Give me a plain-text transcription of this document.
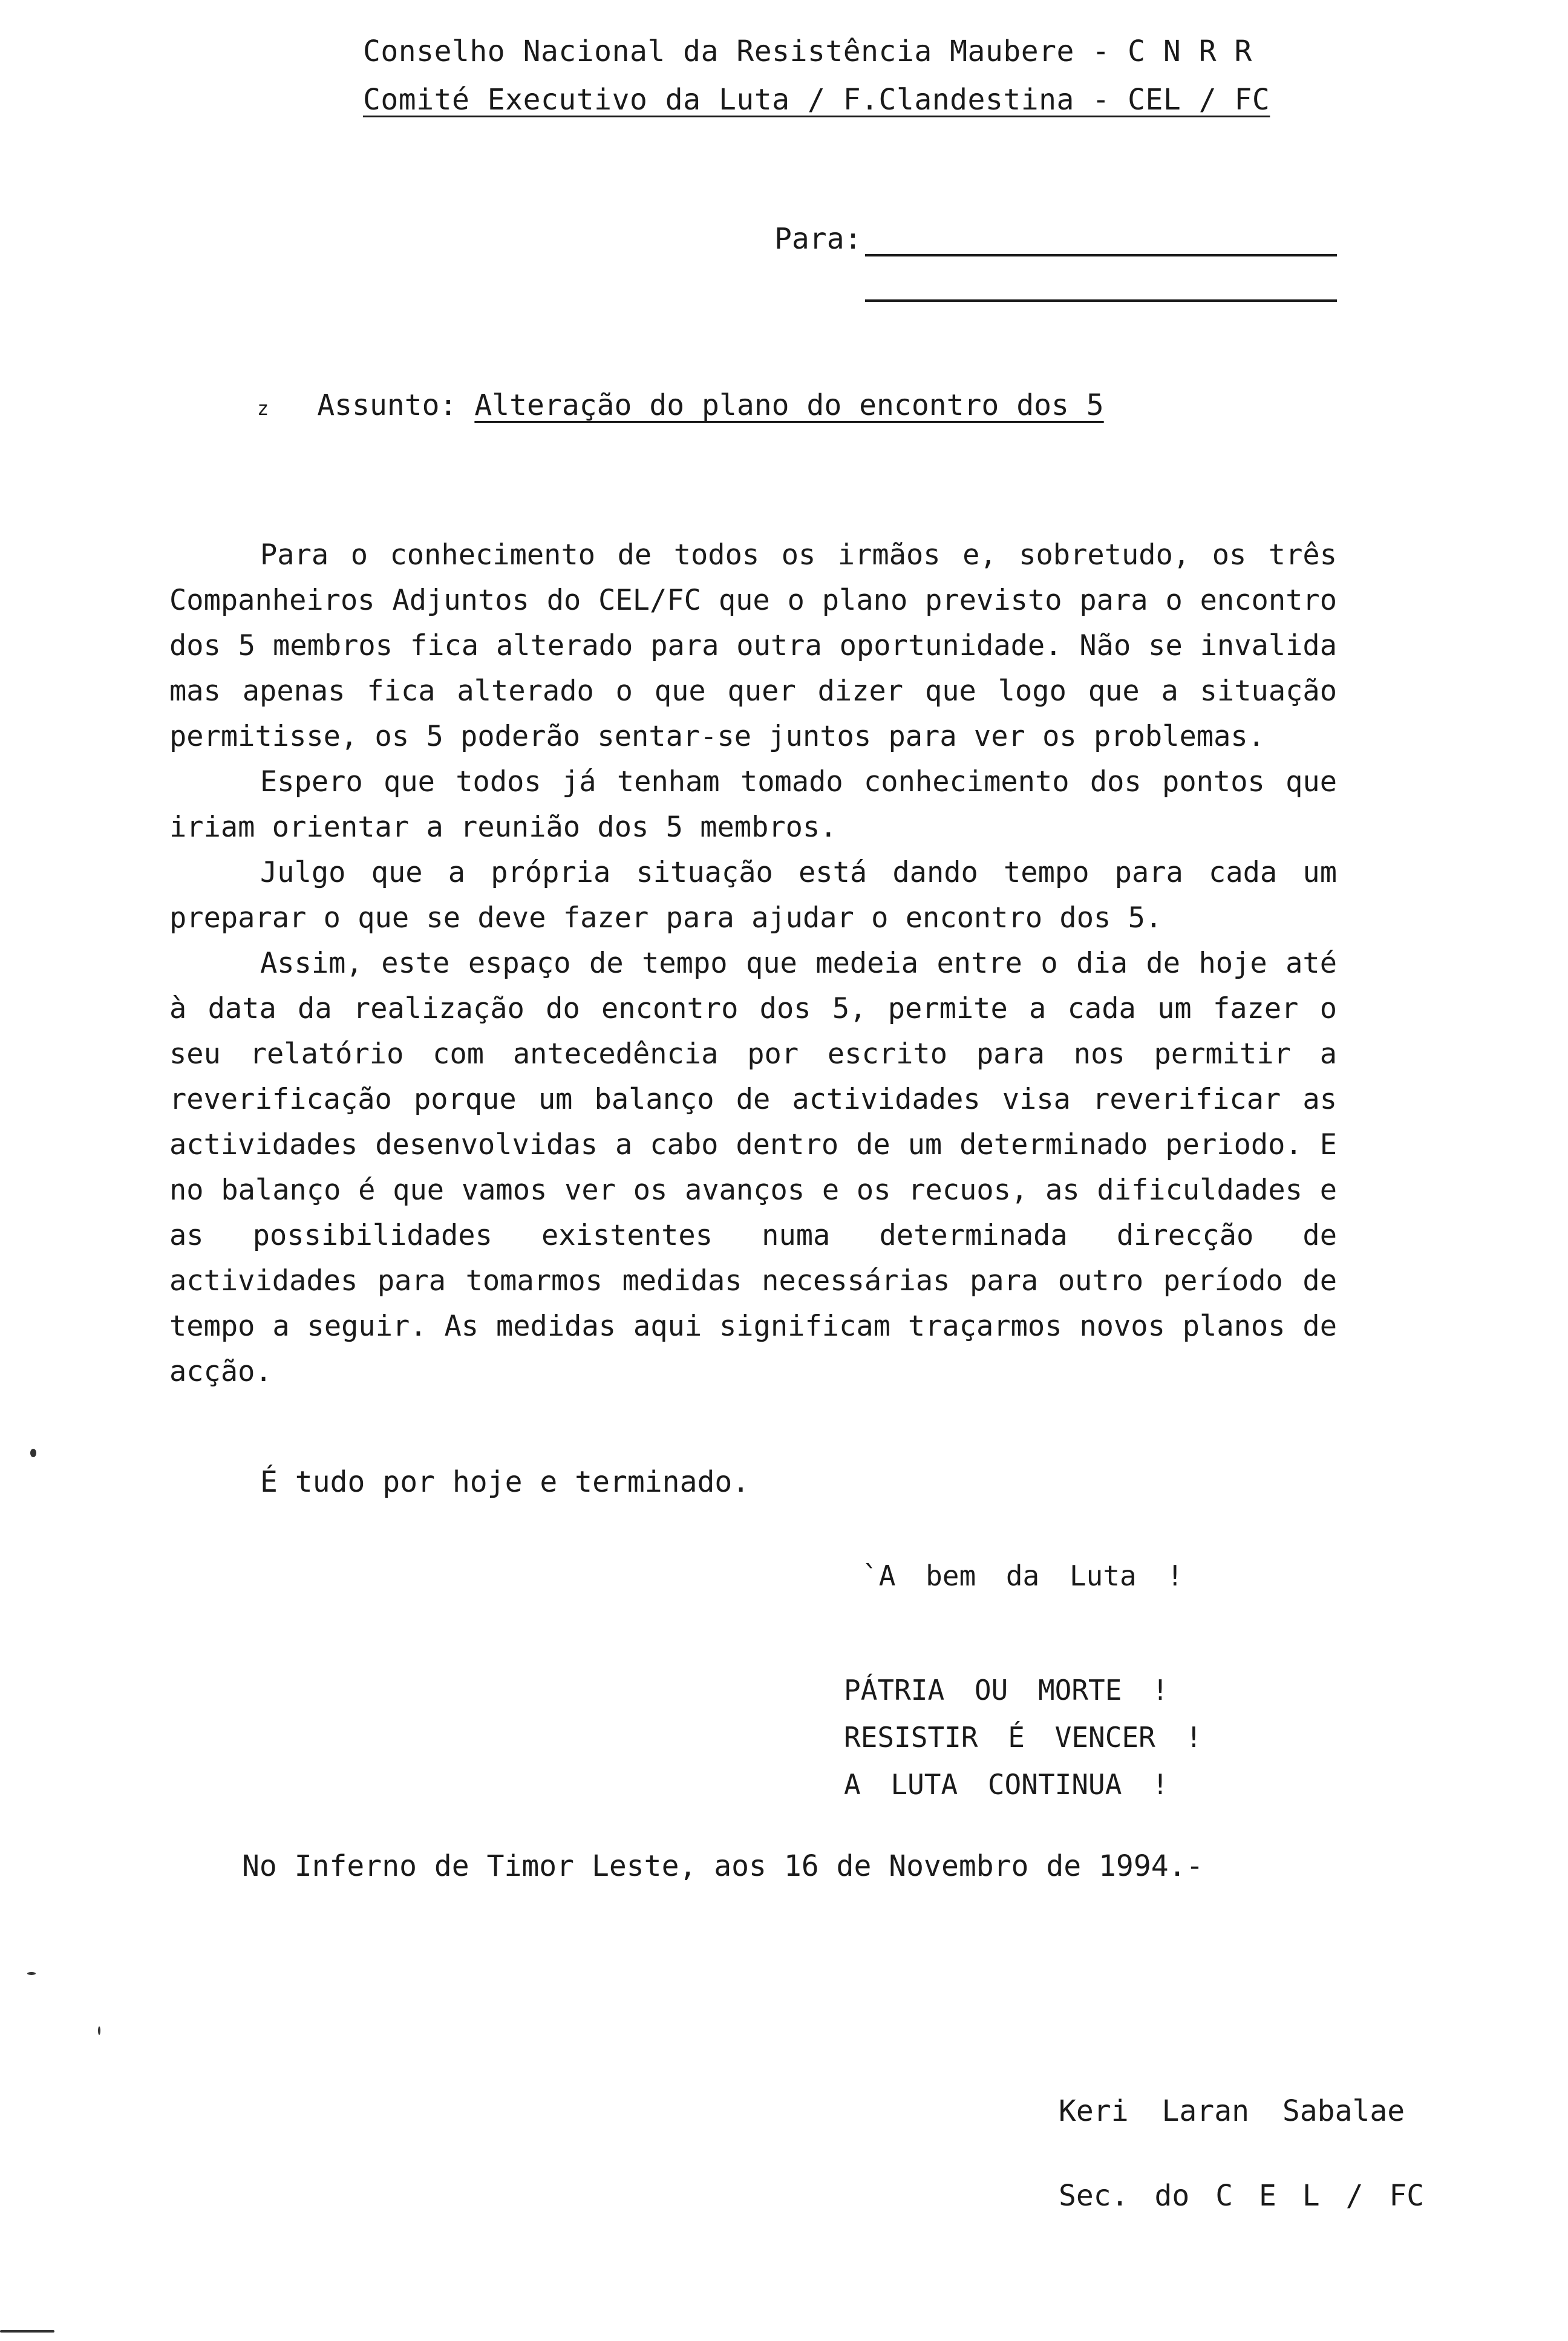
Conselho Nacional da Resistência Maubere - C N R R
Comité Executivo da Luta / F.Clandestina - CEL / FC
Para:
z Assunto: Alteração do plano do encontro dos 5

Para o conhecimento de todos os irmãos e, sobretudo, os três Companheiros Adjuntos do CEL/FC que o plano previsto para o encontro dos 5 membros fica alterado para outra oportunidade. Não se invalida mas apenas fica alterado o que quer dizer que logo que a situação permitisse, os 5 poderão sentar-se juntos para ver os problemas.

Espero que todos já tenham tomado conhecimento dos pontos que iriam orientar a reunião dos 5 membros.

Julgo que a própria situação está dando tempo para cada um preparar o que se deve fazer para ajudar o encontro dos 5.

Assim, este espaço de tempo que medeia entre o dia de hoje até à data da realização do encontro dos 5, permite a cada um fazer o seu relatório com antecedência por escrito para nos permitir a reverificação porque um balanço de actividades visa reverificar as actividades desenvolvidas a cabo dentro de um determinado periodo. E no balanço é que vamos ver os avanços e os recuos, as dificuldades e as possibilidades existentes numa determinada direcção de actividades para tomarmos medidas necessárias para outro período de tempo a seguir. As medidas aqui significam traçarmos novos planos de acção.

É tudo por hoje e terminado.
`A bem da Luta !
PÁTRIA OU MORTE !
RESISTIR É VENCER !
A LUTA CONTINUA !
No Inferno de Timor Leste, aos 16 de Novembro de 1994.-
Keri Laran Sabalae
Sec. do C E L / FC
